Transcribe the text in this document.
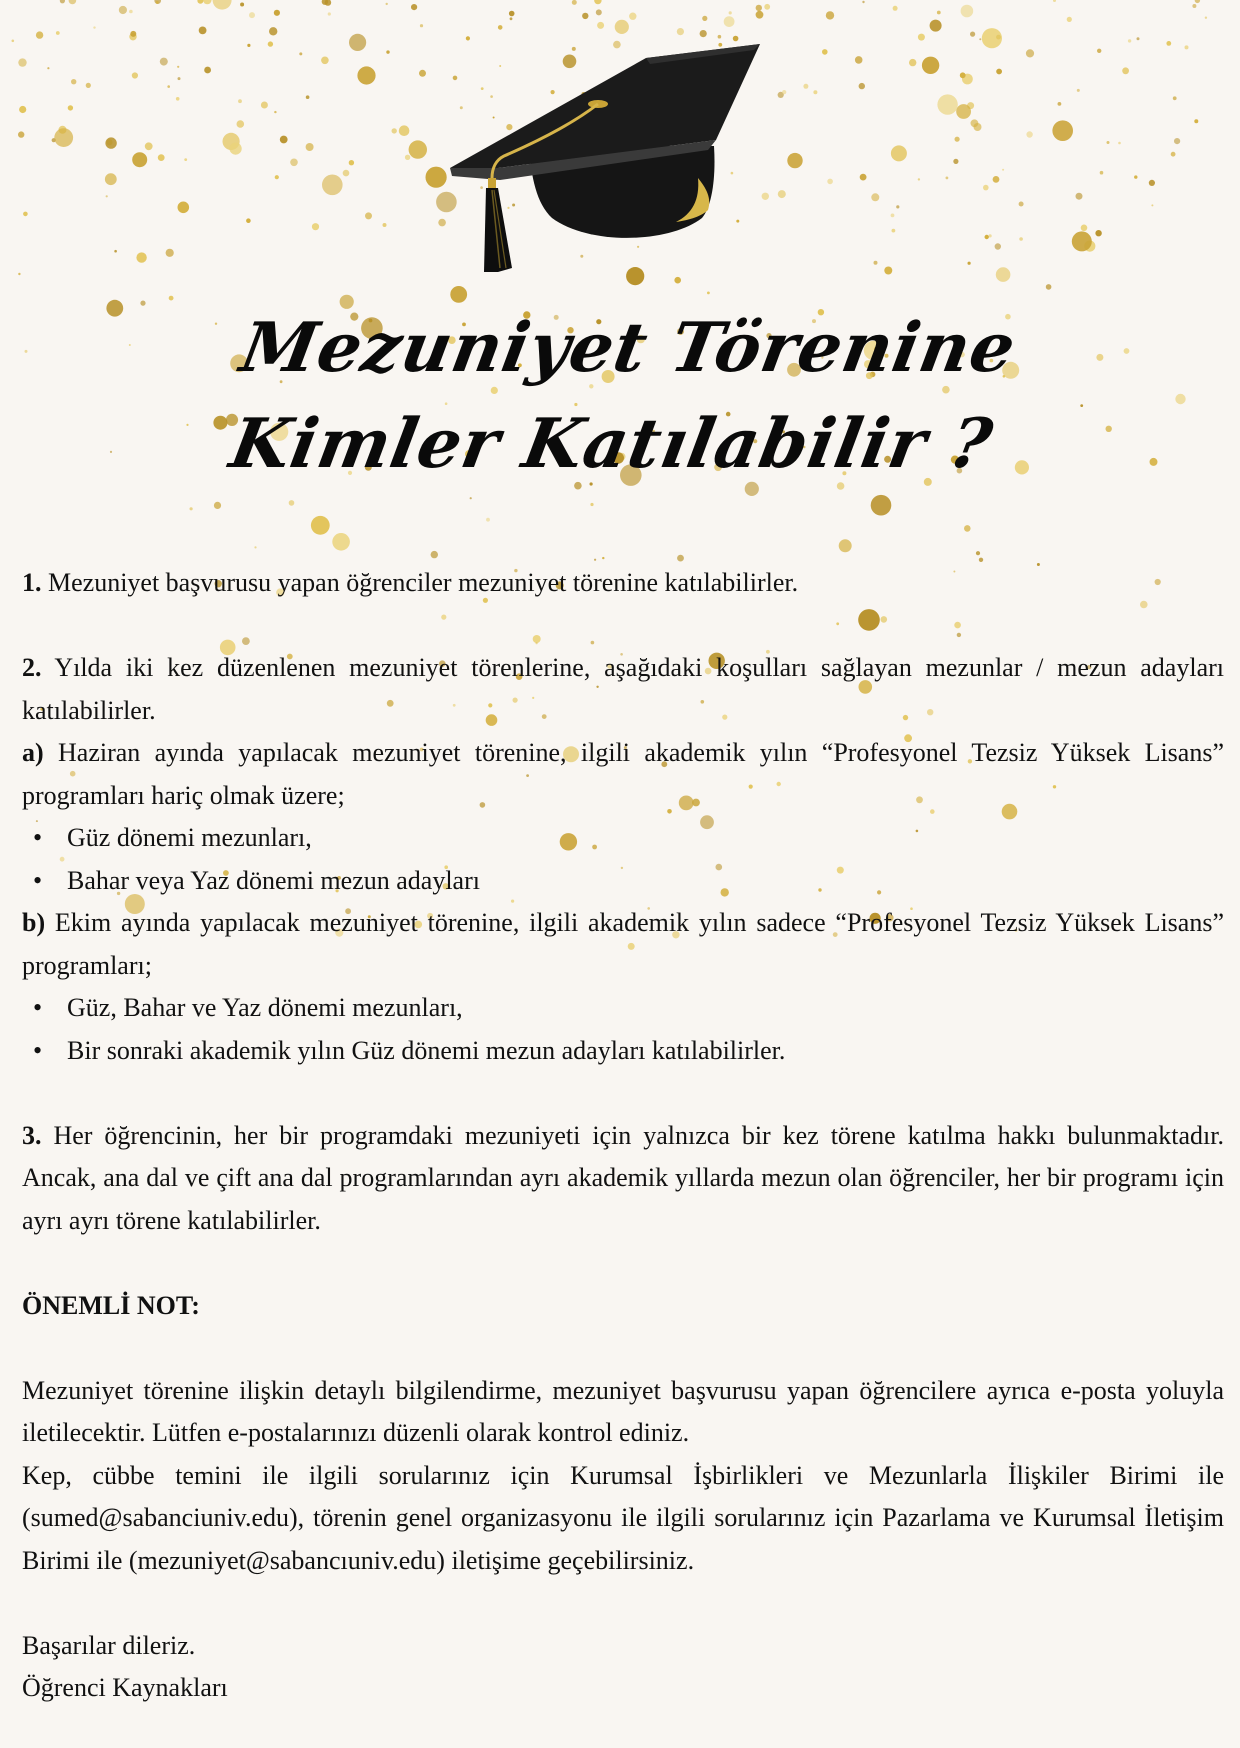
Mezuniyet Törenine
Kimler Katılabilir ?

1. Mezuniyet başvurusu yapan öğrenciler mezuniyet törenine katılabilirler.

2. Yılda iki kez düzenlenen mezuniyet törenlerine, aşağıdaki koşulları sağlayan mezunlar / mezun adayları katılabilirler.

a) Haziran ayında yapılacak mezuniyet törenine, ilgili akademik yılın “Profesyonel Tezsiz Yüksek Lisans” programları hariç olmak üzere;

• Güz dönemi mezunları,
• Bahar veya Yaz dönemi mezun adayları

b) Ekim ayında yapılacak mezuniyet törenine, ilgili akademik yılın sadece “Profesyonel Tezsiz Yüksek Lisans” programları;

• Güz, Bahar ve Yaz dönemi mezunları,
• Bir sonraki akademik yılın Güz dönemi mezun adayları katılabilirler.

3. Her öğrencinin, her bir programdaki mezuniyeti için yalnızca bir kez törene katılma hakkı bulunmaktadır. Ancak, ana dal ve çift ana dal programlarından ayrı akademik yıllarda mezun olan öğrenciler, her bir programı için ayrı ayrı törene katılabilirler.

ÖNEMLİ NOT:

Mezuniyet törenine ilişkin detaylı bilgilendirme, mezuniyet başvurusu yapan öğrencilere ayrıca e-posta yoluyla iletilecektir. Lütfen e-postalarınızı düzenli olarak kontrol ediniz.

Kep, cübbe temini ile ilgili sorularınız için Kurumsal İşbirlikleri ve Mezunlarla İlişkiler Birimi ile (sumed@sabanciuniv.edu), törenin genel organizasyonu ile ilgili sorularınız için Pazarlama ve Kurumsal İletişim Birimi ile (mezuniyet@sabancıuniv.edu) iletişime geçebilirsiniz.

Başarılar dileriz.

Öğrenci Kaynakları
